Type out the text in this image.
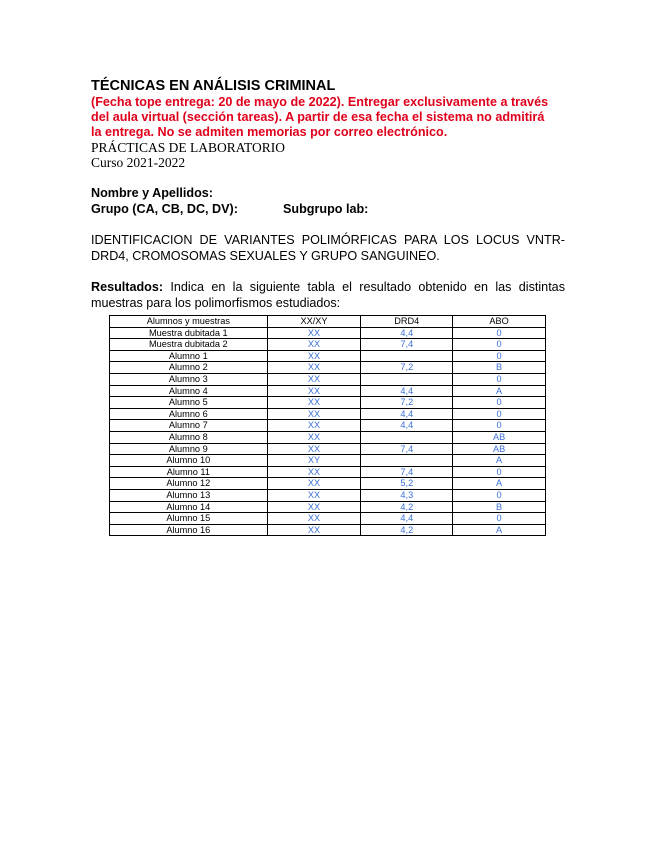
TÉCNICAS EN ANÁLISIS CRIMINAL

(Fecha tope entrega: 20 de mayo de 2022). Entregar exclusivamente a través

del aula virtual (sección tareas). A partir de esa fecha el sistema no admitirá

la entrega. No se admiten memorias por correo electrónico.

PRÁCTICAS DE LABORATORIO

Curso 2021-2022

Nombre y Apellidos:

Grupo (CA, CB, DC, DV):	Subgrupo lab:

IDENTIFICACION DE VARIANTES POLIMÓRFICAS PARA LOS LOCUS VNTR-DRD4, CROMOSOMAS SEXUALES Y GRUPO SANGUINEO.

Resultados: Indica en la siguiente tabla el resultado obtenido en las distintas muestras para los polimorfismos estudiados:

Alumnos y muestras	XX/XY	DRD4	ABO
Muestra dubitada 1	XX	4,4	0
Muestra dubitada 2	XX	7,4	0
Alumno 1	XX		0
Alumno 2	XX	7,2	B
Alumno 3	XX		0
Alumno 4	XX	4,4	A
Alumno 5	XX	7,2	0
Alumno 6	XX	4,4	0
Alumno 7	XX	4,4	0
Alumno 8	XX		AB
Alumno 9	XX	7,4	AB
Alumno 10	XY		A
Alumno 11	XX	7,4	0
Alumno 12	XX	5,2	A
Alumno 13	XX	4,3	0
Alumno 14	XX	4,2	B
Alumno 15	XX	4,4	0
Alumno 16	XX	4,2	A
